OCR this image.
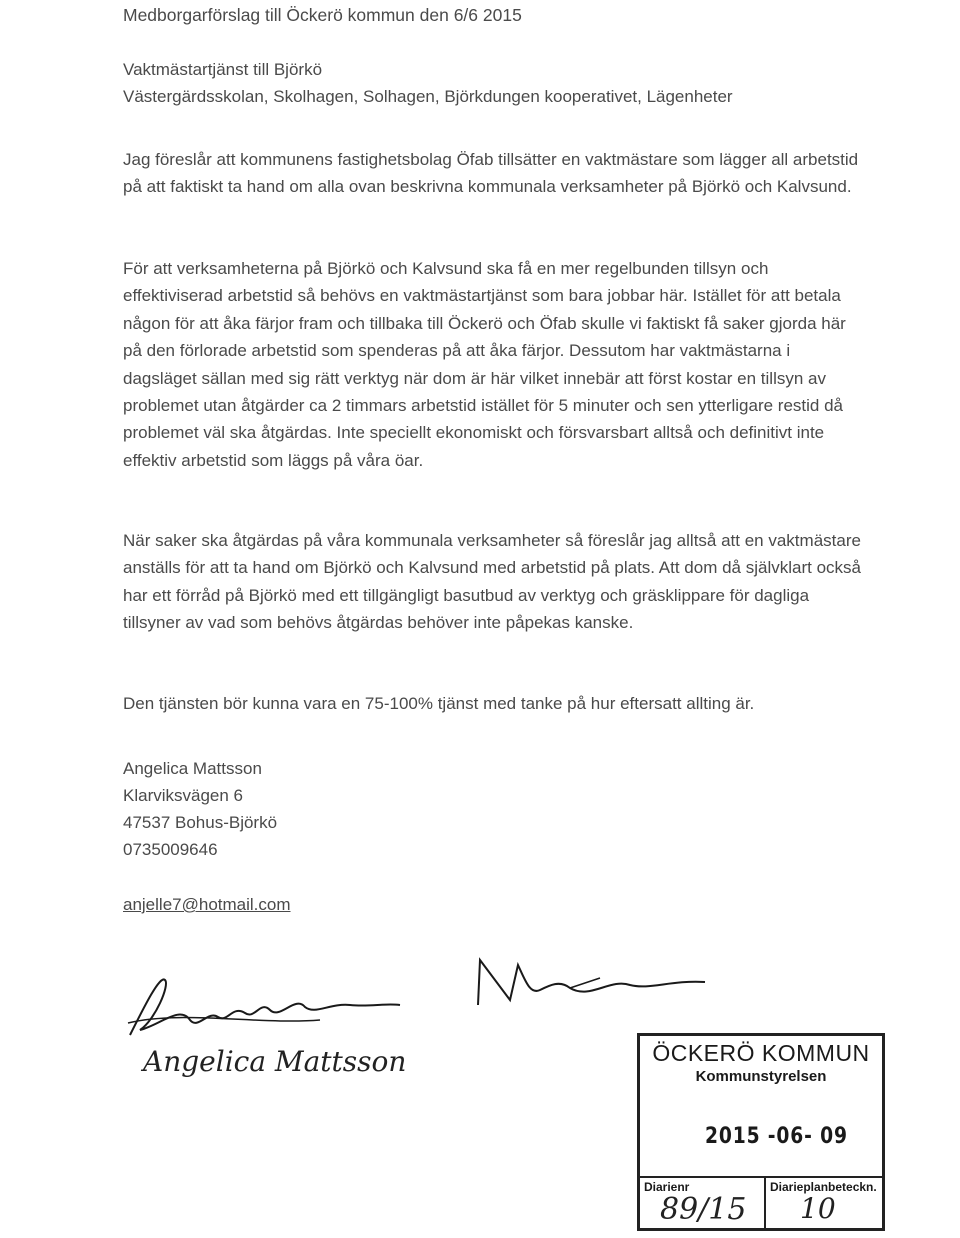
Medborgarförslag till Öckerö kommun den 6/6 2015
Vaktmästartjänst till Björkö
Västergärdsskolan, Skolhagen, Solhagen, Björkdungen kooperativet, Lägenheter

Jag föreslår att kommunens fastighetsbolag Öfab tillsätter en vaktmästare som lägger all arbetstid på att faktiskt ta hand om alla ovan beskrivna kommunala verksamheter på Björkö och Kalvsund.

För att verksamheterna på Björkö och Kalvsund ska få en mer regelbunden tillsyn och effektiviserad arbetstid så behövs en vaktmästartjänst som bara jobbar här. Istället för att betala någon för att åka färjor fram och tillbaka till Öckerö och Öfab skulle vi faktiskt få saker gjorda här på den förlorade arbetstid som spenderas på att åka färjor. Dessutom har vaktmästarna i dagsläget sällan med sig rätt verktyg när dom är här vilket innebär att först kostar en tillsyn av problemet utan åtgärder ca 2 timmars arbetstid istället för 5 minuter och sen ytterligare restid då problemet väl ska åtgärdas. Inte speciellt ekonomiskt och försvarsbart alltså och definitivt inte effektiv arbetstid som läggs på våra öar.

När saker ska åtgärdas på våra kommunala verksamheter så föreslår jag alltså att en vaktmästare anställs för att ta hand om Björkö och Kalvsund med arbetstid på plats. Att dom då självklart också har ett förråd på Björkö med ett tillgängligt basutbud av verktyg och gräsklippare för dagliga tillsyner av vad som behövs åtgärdas behöver inte påpekas kanske.

Den tjänsten bör kunna vara en 75-100% tjänst med tanke på hur eftersatt allting är.

Angelica Mattsson
Klarviksvägen 6
47537 Bohus-Björkö
0735009646
anjelle7@hotmail.com
Angelica Mattsson	ÖCKERÖ KOMMUN
Kommunstyrelsen
2015 -06- 09
Diarienr	Diarieplanbeteckn.
89/15 10
